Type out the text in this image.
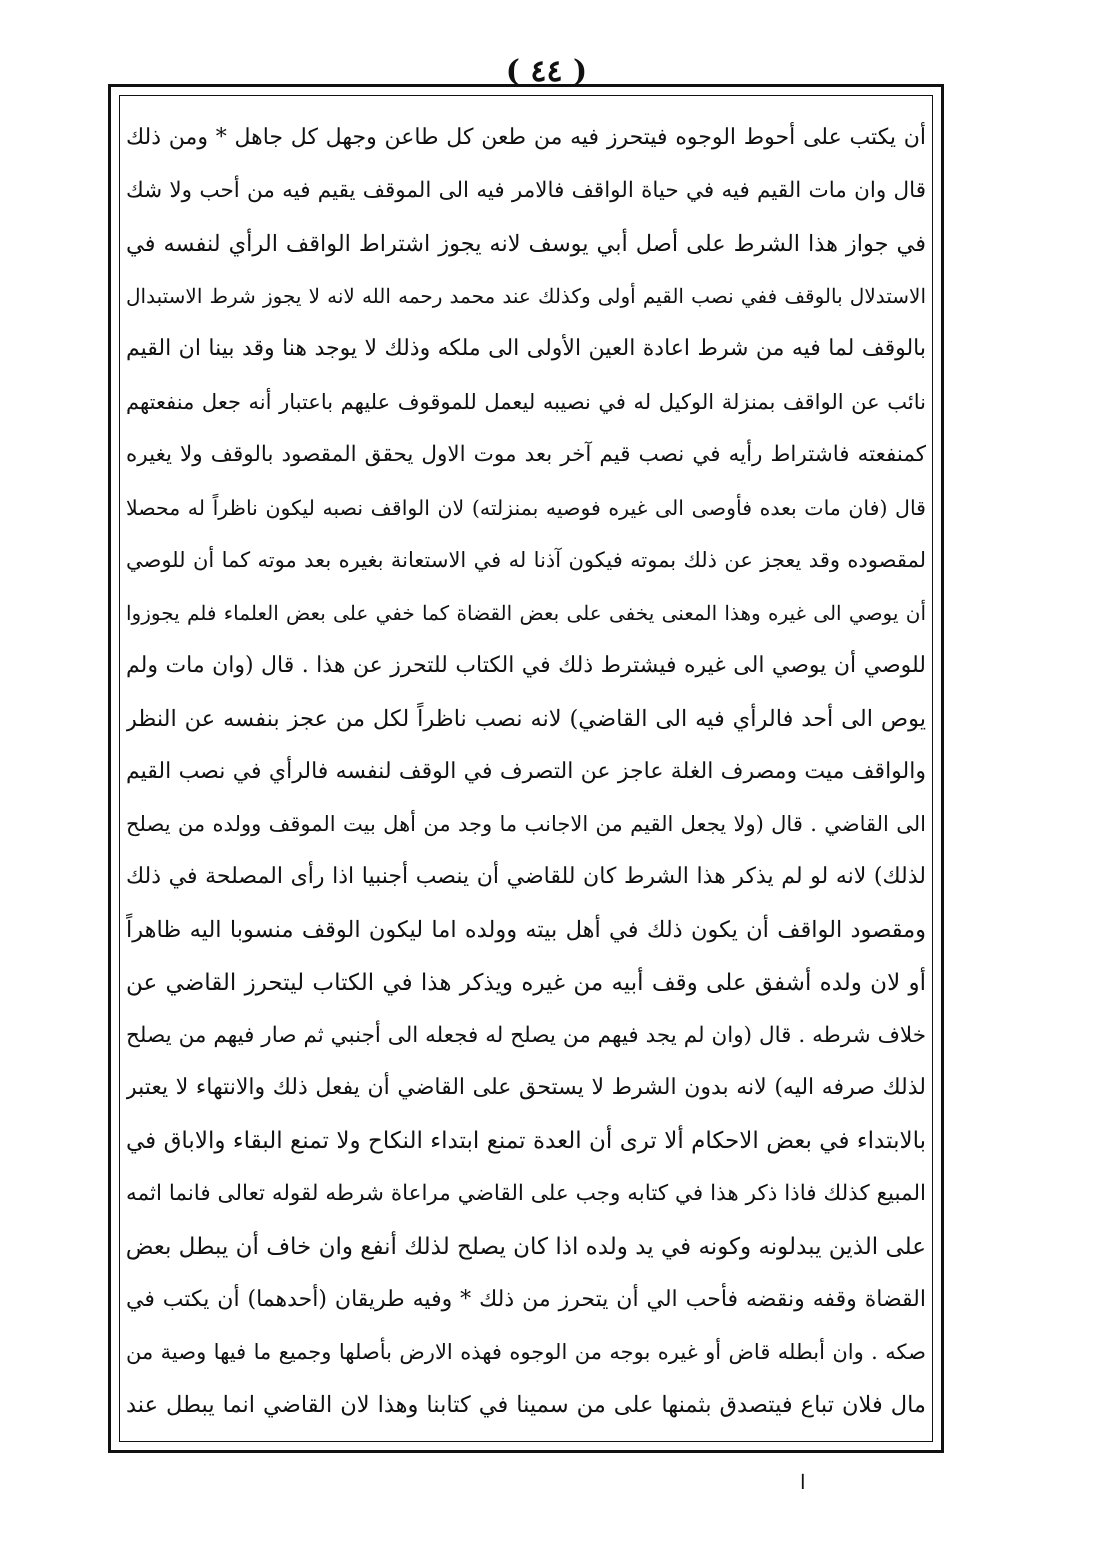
( ٤٤ )
أن يكتب على أحوط الوجوه فيتحرز فيه من طعن كل طاعن وجهل كل جاهل * ومن ذلك
قال وان مات القيم فيه في حياة الواقف فالامر فيه الى الموقف يقيم فيه من أحب ولا شك
في جواز هذا الشرط على أصل أبي يوسف لانه يجوز اشتراط الواقف الرأي لنفسه في
الاستدلال بالوقف ففي نصب القيم أولى وكذلك عند محمد رحمه الله لانه لا يجوز شرط الاستبدال
بالوقف لما فيه من شرط اعادة العين الأولى الى ملكه وذلك لا يوجد هنا وقد بينا ان القيم
نائب عن الواقف بمنزلة الوكيل له في نصيبه ليعمل للموقوف عليهم باعتبار أنه جعل منفعتهم
كمنفعته فاشتراط رأيه في نصب قيم آخر بعد موت الاول يحقق المقصود بالوقف ولا يغيره
قال (فان مات بعده فأوصى الى غيره فوصيه بمنزلته) لان الواقف نصبه ليكون ناظراً له محصلا
لمقصوده وقد يعجز عن ذلك بموته فيكون آذنا له في الاستعانة بغيره بعد موته كما أن للوصي
أن يوصي الى غيره وهذا المعنى يخفى على بعض القضاة كما خفي على بعض العلماء فلم يجوزوا
للوصي أن يوصي الى غيره فيشترط ذلك في الكتاب للتحرز عن هذا . قال (وان مات ولم
يوص الى أحد فالرأي فيه الى القاضي) لانه نصب ناظراً لكل من عجز بنفسه عن النظر
والواقف ميت ومصرف الغلة عاجز عن التصرف في الوقف لنفسه فالرأي في نصب القيم
الى القاضي . قال (ولا يجعل القيم من الاجانب ما وجد من أهل بيت الموقف وولده من يصلح
لذلك) لانه لو لم يذكر هذا الشرط كان للقاضي أن ينصب أجنبيا اذا رأى المصلحة في ذلك
ومقصود الواقف أن يكون ذلك في أهل بيته وولده اما ليكون الوقف منسوبا اليه ظاهراً
أو لان ولده أشفق على وقف أبيه من غيره ويذكر هذا في الكتاب ليتحرز القاضي عن
خلاف شرطه . قال (وان لم يجد فيهم من يصلح له فجعله الى أجنبي ثم صار فيهم من يصلح
لذلك صرفه اليه) لانه بدون الشرط لا يستحق على القاضي أن يفعل ذلك والانتهاء لا يعتبر
بالابتداء في بعض الاحكام ألا ترى أن العدة تمنع ابتداء النكاح ولا تمنع البقاء والاباق في
المبيع كذلك فاذا ذكر هذا في كتابه وجب على القاضي مراعاة شرطه لقوله تعالى فانما اثمه
على الذين يبدلونه وكونه في يد ولده اذا كان يصلح لذلك أنفع وان خاف أن يبطل بعض
القضاة وقفه ونقضه فأحب الي أن يتحرز من ذلك * وفيه طريقان (أحدهما) أن يكتب في
صكه . وان أبطله قاض أو غيره بوجه من الوجوه فهذه الارض بأصلها وجميع ما فيها وصية من
مال فلان تباع فيتصدق بثمنها على من سمينا في كتابنا وهذا لان القاضي انما يبطل عند
ا
